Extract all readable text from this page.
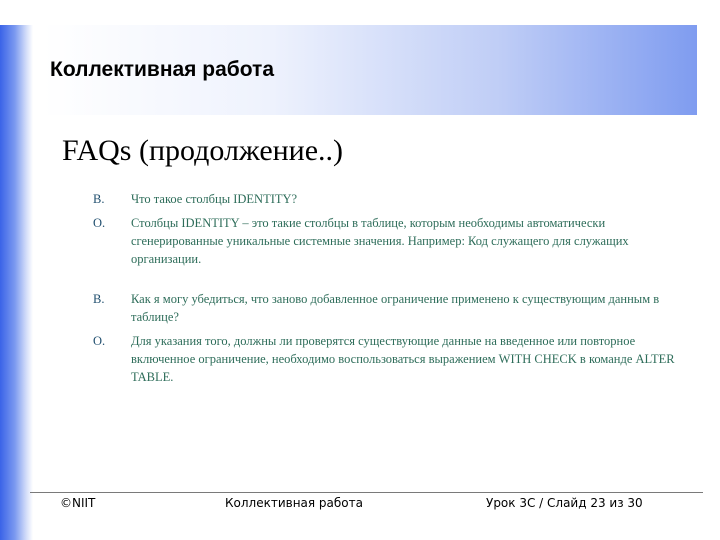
Коллективная работа
FAQs (продолжение..)
В.	Что такое столбцы IDENTITY?
О.	Столбцы IDENTITY – это такие столбцы в таблице, которым необходимы автоматически сгенерированные уникальные системные значения. Например: Код служащего для служащих организации.
В.	Как я могу убедиться, что заново добавленное ограничение применено к существующим данным в таблице?
О.	Для указания того, должны ли проверятся существующие данные на введенное или повторное включенное ограничение, необходимо воспользоваться выражением WITH CHECK в команде ALTER TABLE.
©NIIT	Коллективная работа	Урок 3С / Слайд 23 из 30
